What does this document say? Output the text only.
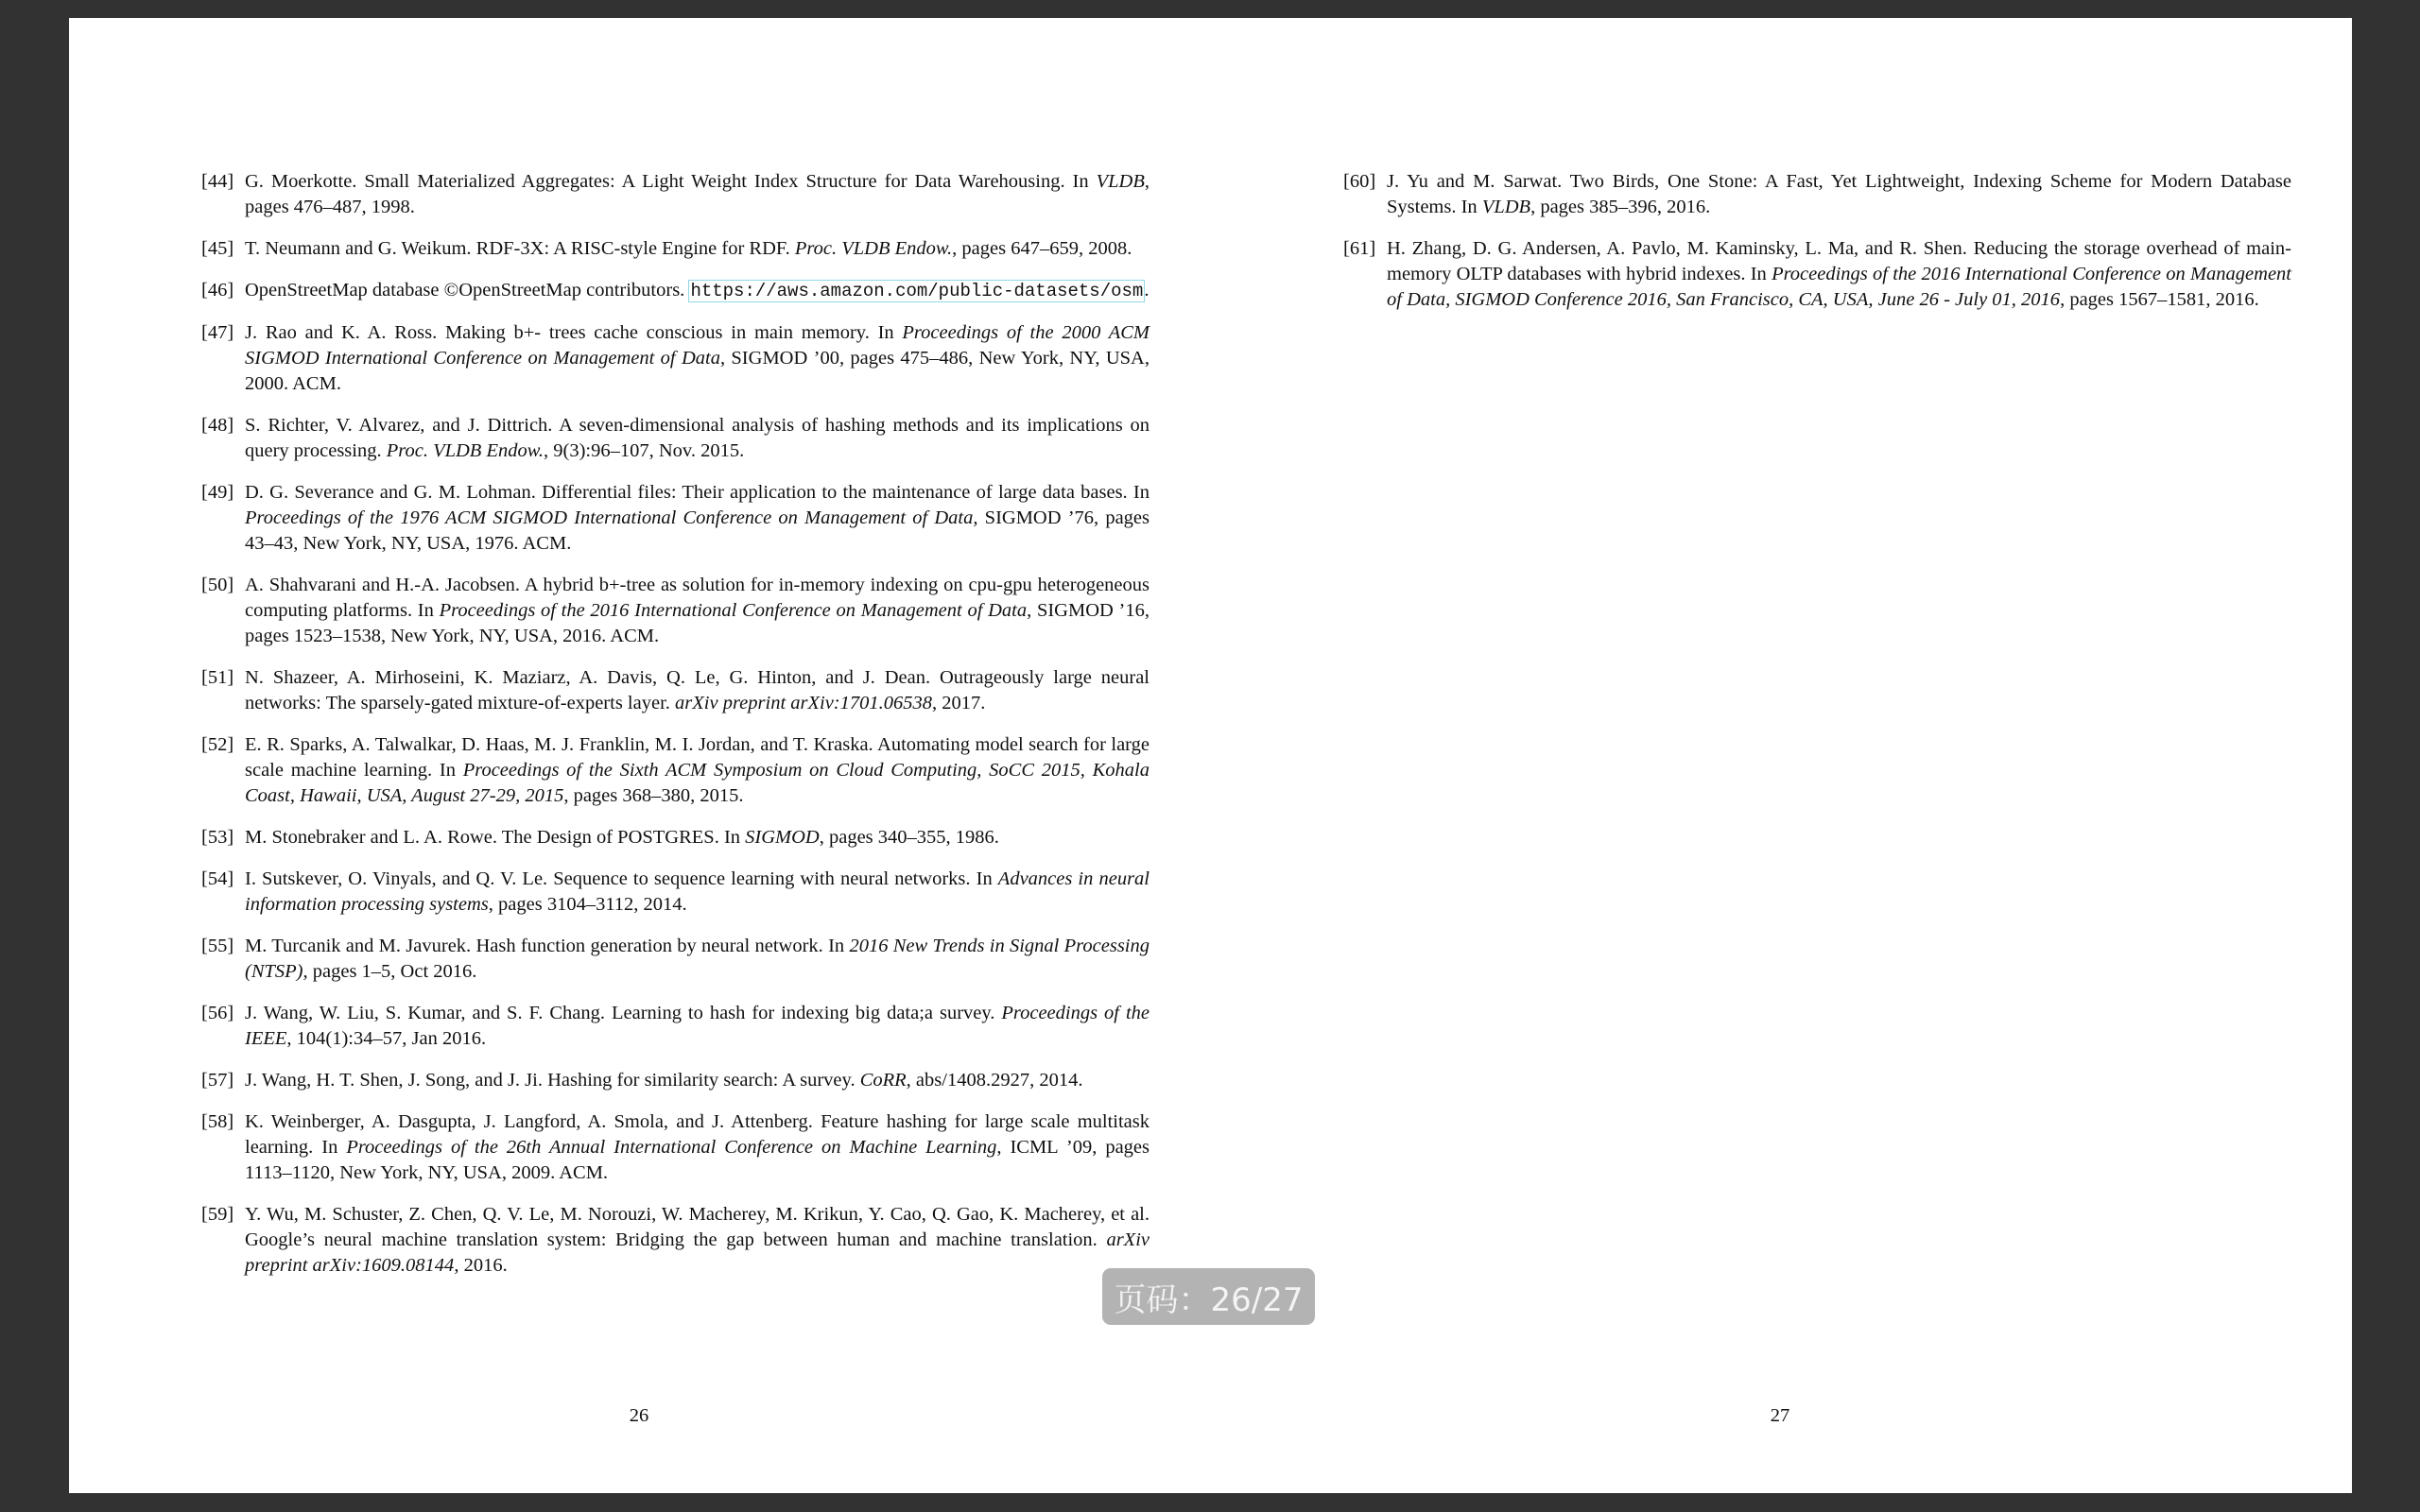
[44] G. Moerkotte. Small Materialized Aggregates: A Light Weight Index Structure for Data Warehousing. In VLDB, pages 476–487, 1998.
[45] T. Neumann and G. Weikum. RDF-3X: A RISC-style Engine for RDF. Proc. VLDB Endow., pages 647–659, 2008.
[46] OpenStreetMap database ©OpenStreetMap contributors. https://aws.amazon.com/public-datasets/osm.
[47] J. Rao and K. A. Ross. Making b+- trees cache conscious in main memory. In Proceedings of the 2000 ACM SIGMOD International Conference on Management of Data, SIGMOD ’00, pages 475–486, New York, NY, USA, 2000. ACM.
[48] S. Richter, V. Alvarez, and J. Dittrich. A seven-dimensional analysis of hashing methods and its implications on query processing. Proc. VLDB Endow., 9(3):96–107, Nov. 2015.
[49] D. G. Severance and G. M. Lohman. Differential files: Their application to the maintenance of large data bases. In Proceedings of the 1976 ACM SIGMOD International Conference on Management of Data, SIGMOD ’76, pages 43–43, New York, NY, USA, 1976. ACM.
[50] A. Shahvarani and H.-A. Jacobsen. A hybrid b+-tree as solution for in-memory indexing on cpu-gpu heterogeneous computing platforms. In Proceedings of the 2016 International Conference on Management of Data, SIGMOD ’16, pages 1523–1538, New York, NY, USA, 2016. ACM.
[51] N. Shazeer, A. Mirhoseini, K. Maziarz, A. Davis, Q. Le, G. Hinton, and J. Dean. Outrageously large neural networks: The sparsely-gated mixture-of-experts layer. arXiv preprint arXiv:1701.06538, 2017.
[52] E. R. Sparks, A. Talwalkar, D. Haas, M. J. Franklin, M. I. Jordan, and T. Kraska. Automating model search for large scale machine learning. In Proceedings of the Sixth ACM Symposium on Cloud Computing, SoCC 2015, Kohala Coast, Hawaii, USA, August 27-29, 2015, pages 368–380, 2015.
[53] M. Stonebraker and L. A. Rowe. The Design of POSTGRES. In SIGMOD, pages 340–355, 1986.
[54] I. Sutskever, O. Vinyals, and Q. V. Le. Sequence to sequence learning with neural networks. In Advances in neural information processing systems, pages 3104–3112, 2014.
[55] M. Turcanik and M. Javurek. Hash function generation by neural network. In 2016 New Trends in Signal Processing (NTSP), pages 1–5, Oct 2016.
[56] J. Wang, W. Liu, S. Kumar, and S. F. Chang. Learning to hash for indexing big data;a survey. Proceedings of the IEEE, 104(1):34–57, Jan 2016.
[57] J. Wang, H. T. Shen, J. Song, and J. Ji. Hashing for similarity search: A survey. CoRR, abs/1408.2927, 2014.
[58] K. Weinberger, A. Dasgupta, J. Langford, A. Smola, and J. Attenberg. Feature hashing for large scale multitask learning. In Proceedings of the 26th Annual International Conference on Machine Learning, ICML ’09, pages 1113–1120, New York, NY, USA, 2009. ACM.
[59] Y. Wu, M. Schuster, Z. Chen, Q. V. Le, M. Norouzi, W. Macherey, M. Krikun, Y. Cao, Q. Gao, K. Macherey, et al. Google’s neural machine translation system: Bridging the gap between human and machine translation. arXiv preprint arXiv:1609.08144, 2016.
[60] J. Yu and M. Sarwat. Two Birds, One Stone: A Fast, Yet Lightweight, Indexing Scheme for Modern Database Systems. In VLDB, pages 385–396, 2016.
[61] H. Zhang, D. G. Andersen, A. Pavlo, M. Kaminsky, L. Ma, and R. Shen. Reducing the storage overhead of main-memory OLTP databases with hybrid indexes. In Proceedings of the 2016 International Conference on Management of Data, SIGMOD Conference 2016, San Francisco, CA, USA, June 26 - July 01, 2016, pages 1567–1581, 2016.
26	27
页码：26/27
